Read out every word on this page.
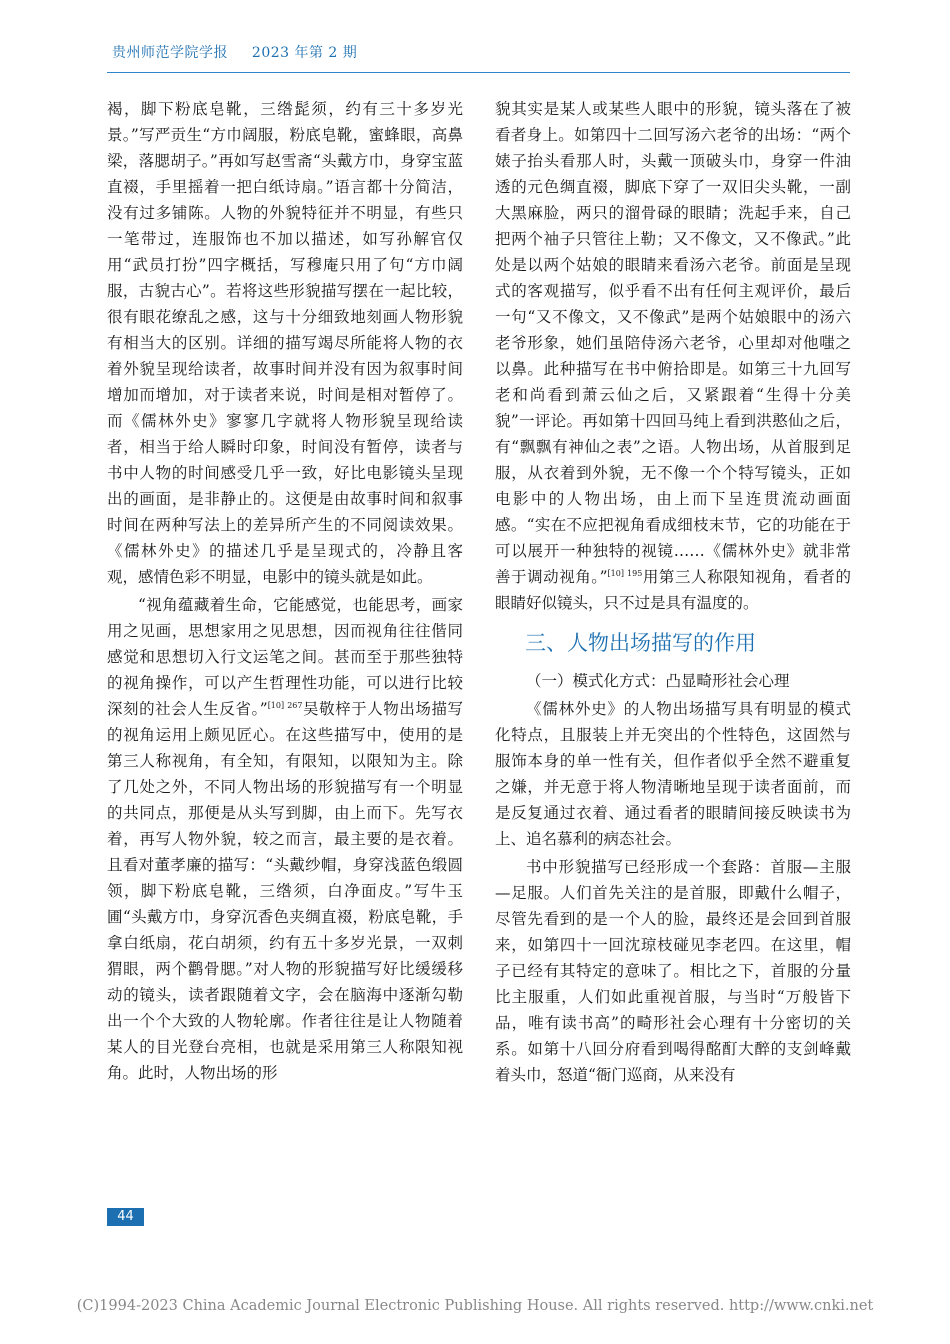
贵州师范学院学报 2023 年第 2 期

褐，脚下粉底皂靴，三绺髭须，约有三十多岁光景。”写严贡生“方巾阔服，粉底皂靴，蜜蜂眼，高鼻梁，落腮胡子。”再如写赵雪斋“头戴方巾，身穿宝蓝直裰，手里摇着一把白纸诗扇。”语言都十分简洁，没有过多铺陈。人物的外貌特征并不明显，有些只一笔带过，连服饰也不加以描述，如写孙解官仅用“武员打扮”四字概括，写穆庵只用了句“方巾阔服，古貌古心”。若将这些形貌描写摆在一起比较，很有眼花缭乱之感，这与十分细致地刻画人物形貌有相当大的区别。详细的描写竭尽所能将人物的衣着外貌呈现给读者，故事时间并没有因为叙事时间增加而增加，对于读者来说，时间是相对暂停了。而《儒林外史》寥寥几字就将人物形貌呈现给读者，相当于给人瞬时印象，时间没有暂停，读者与书中人物的时间感受几乎一致，好比电影镜头呈现出的画面，是非静止的。这便是由故事时间和叙事时间在两种写法上的差异所产生的不同阅读效果。《儒林外史》的描述几乎是呈现式的，冷静且客观，感情色彩不明显，电影中的镜头就是如此。

“视角蕴藏着生命，它能感觉，也能思考，画家用之见画，思想家用之见思想，因而视角往往偕同感觉和思想切入行文运笔之间。甚而至于那些独特的视角操作，可以产生哲理性功能，可以进行比较深刻的社会人生反省。”$^{[10] 267}$吴敬梓于人物出场描写的视角运用上颇见匠心。在这些描写中，使用的是第三人称视角，有全知，有限知，以限知为主。除了几处之外，不同人物出场的形貌描写有一个明显的共同点，那便是从头写到脚，由上而下。先写衣着，再写人物外貌，较之而言，最主要的是衣着。且看对董孝廉的描写：“头戴纱帽，身穿浅蓝色缎圆领，脚下粉底皂靴，三绺须，白净面皮。”写牛玉圃“头戴方巾，身穿沉香色夹绸直裰，粉底皂靴，手拿白纸扇，花白胡须，约有五十多岁光景，一双刺猬眼，两个鹳骨腮。”对人物的形貌描写好比缓缓移动的镜头，读者跟随着文字，会在脑海中逐渐勾勒出一个个大致的人物轮廓。作者往往是让人物随着某人的目光登台亮相，也就是采用第三人称限知视角。此时，人物出场的形

貌其实是某人或某些人眼中的形貌，镜头落在了被看者身上。如第四十二回写汤六老爷的出场：“两个婊子抬头看那人时，头戴一顶破头巾，身穿一件油透的元色绸直裰，脚底下穿了一双旧尖头靴，一副大黑麻脸，两只的溜骨碌的眼睛；洗起手来，自己把两个袖子只管往上勒；又不像文，又不像武。”此处是以两个姑娘的眼睛来看汤六老爷。前面是呈现式的客观描写，似乎看不出有任何主观评价，最后一句“又不像文，又不像武”是两个姑娘眼中的汤六老爷形象，她们虽陪侍汤六老爷，心里却对他嗤之以鼻。此种描写在书中俯拾即是。如第三十九回写老和尚看到萧云仙之后，又紧跟着“生得十分美貌”一评论。再如第十四回马纯上看到洪憨仙之后，有“飘飘有神仙之表”之语。人物出场，从首服到足服，从衣着到外貌，无不像一个个特写镜头，正如电影中的人物出场，由上而下呈连贯流动画面感。“实在不应把视角看成细枝末节，它的功能在于可以展开一种独特的视镜……《儒林外史》就非常善于调动视角。”$^{[10] 195}$用第三人称限知视角，看者的眼睛好似镜头，只不过是具有温度的。

三、人物出场描写的作用

（一）模式化方式：凸显畸形社会心理

《儒林外史》的人物出场描写具有明显的模式化特点，且服装上并无突出的个性特色，这固然与服饰本身的单一性有关，但作者似乎全然不避重复之嫌，并无意于将人物清晰地呈现于读者面前，而是反复通过衣着、通过看者的眼睛间接反映读书为上、追名慕利的病态社会。

书中形貌描写已经形成一个套路：首服—主服—足服。人们首先关注的是首服，即戴什么帽子，尽管先看到的是一个人的脸，最终还是会回到首服来，如第四十一回沈琼枝碰见李老四。在这里，帽子已经有其特定的意味了。相比之下，首服的分量比主服重，人们如此重视首服，与当时“万般皆下品，唯有读书高”的畸形社会心理有十分密切的关系。如第十八回分府看到喝得酩酊大醉的支剑峰戴着头巾，怒道“衙门巡商，从来没有

44
(C)1994-2023 China Academic Journal Electronic Publishing House. All rights reserved. http://www.cnki.net
